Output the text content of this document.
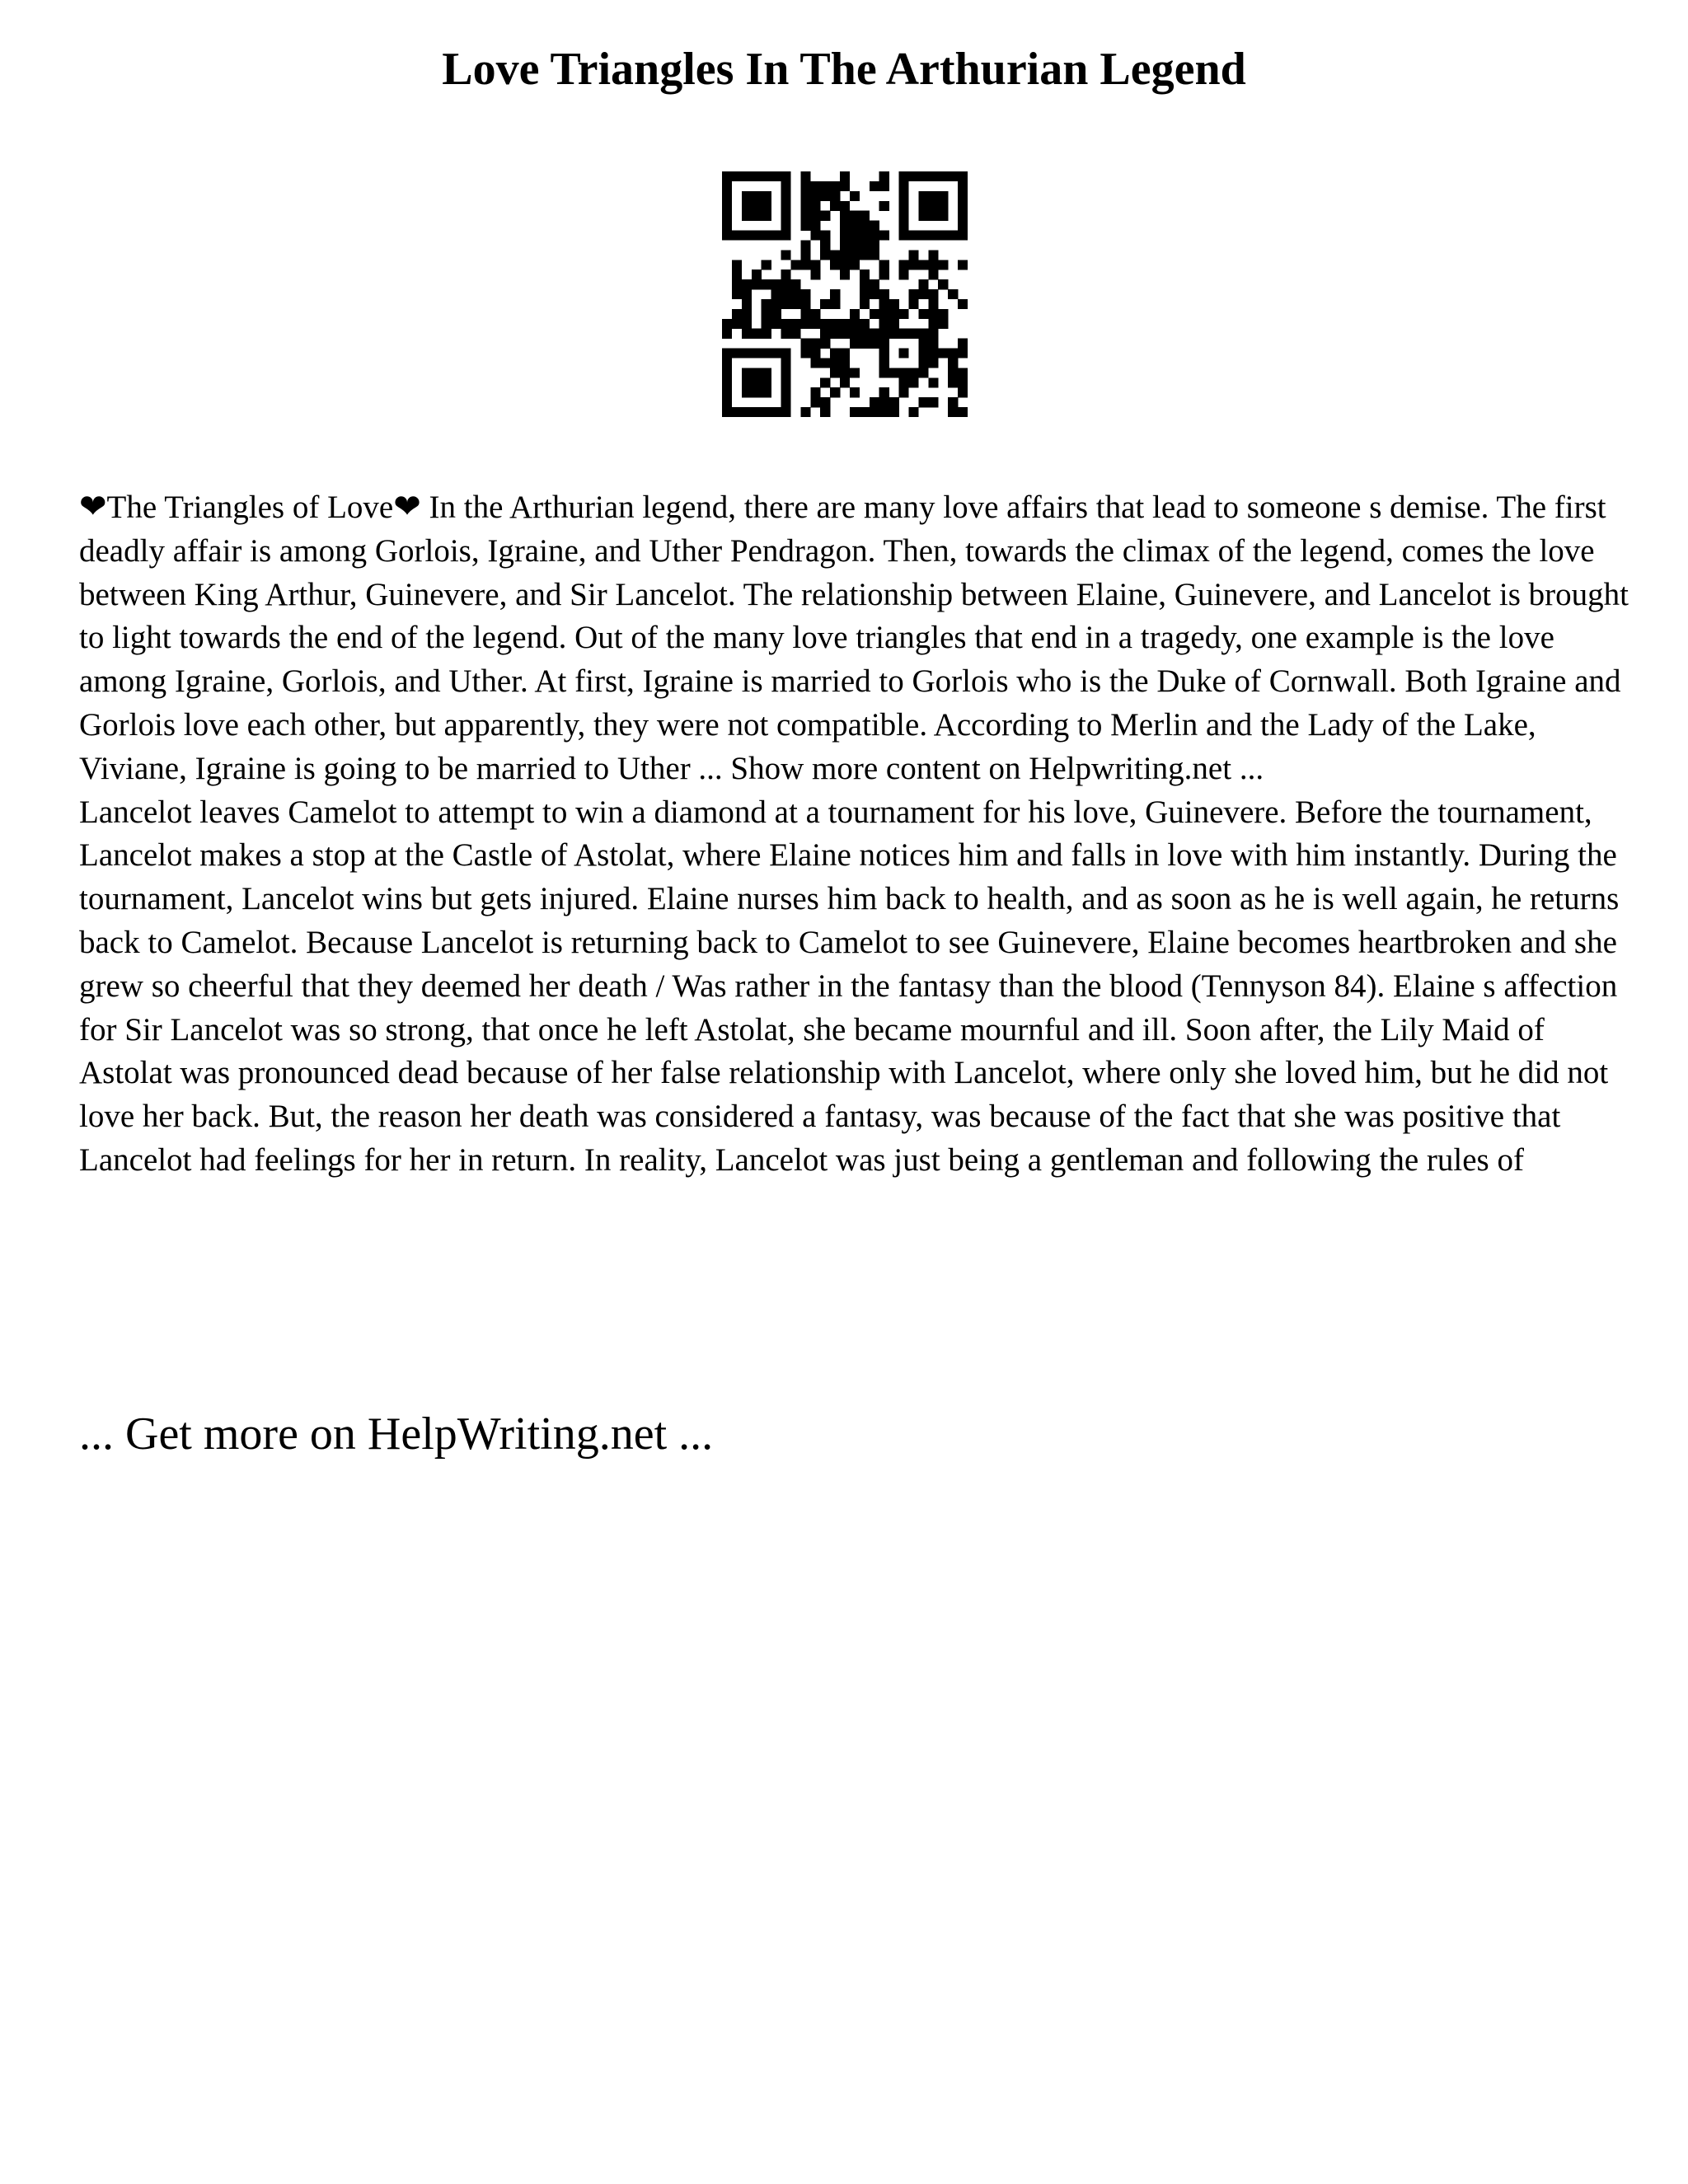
Love Triangles In The Arthurian Legend

❤The Triangles of Love❤ In the Arthurian legend, there are many love affairs that lead to someone s demise. The first deadly affair is among Gorlois, Igraine, and Uther Pendragon. Then, towards the climax of the legend, comes the love between King Arthur, Guinevere, and Sir Lancelot. The relationship between Elaine, Guinevere, and Lancelot is brought to light towards the end of the legend. Out of the many love triangles that end in a tragedy, one example is the love among Igraine, Gorlois, and Uther. At first, Igraine is married to Gorlois who is the Duke of Cornwall. Both Igraine and Gorlois love each other, but apparently, they were not compatible. According to Merlin and the Lady of the Lake, Viviane, Igraine is going to be married to Uther ... Show more content on Helpwriting.net ...

Lancelot leaves Camelot to attempt to win a diamond at a tournament for his love, Guinevere. Before the tournament, Lancelot makes a stop at the Castle of Astolat, where Elaine notices him and falls in love with him instantly. During the tournament, Lancelot wins but gets injured. Elaine nurses him back to health, and as soon as he is well again, he returns back to Camelot. Because Lancelot is returning back to Camelot to see Guinevere, Elaine becomes heartbroken and she grew so cheerful that they deemed her death / Was rather in the fantasy than the blood (Tennyson 84). Elaine s affection for Sir Lancelot was so strong, that once he left Astolat, she became mournful and ill. Soon after, the Lily Maid of Astolat was pronounced dead because of her false relationship with Lancelot, where only she loved him, but he did not love her back. But, the reason her death was considered a fantasy, was because of the fact that she was positive that Lancelot had feelings for her in return. In reality, Lancelot was just being a gentleman and following the rules of

... Get more on HelpWriting.net ...
